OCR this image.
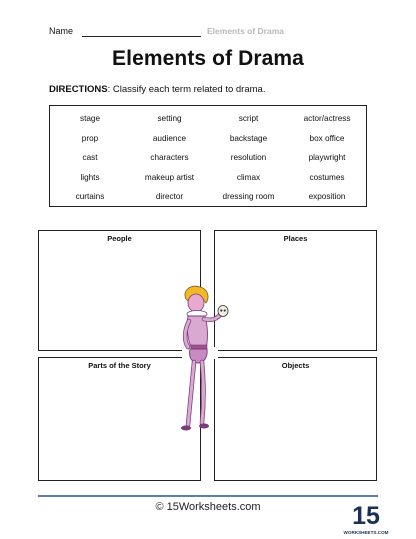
Name	Elements of Drama
Elements of Drama
DIRECTIONS: Classify each term related to drama.
stage	setting	script	actor/actress
prop	audience	backstage	box office
cast	characters	resolution	playwright
lights	makeup artist	climax	costumes
curtains	director	dressing room	exposition
People	Places
Parts of the Story	Objects
© 15Worksheets.com	15
WORKSHEETS.COM
